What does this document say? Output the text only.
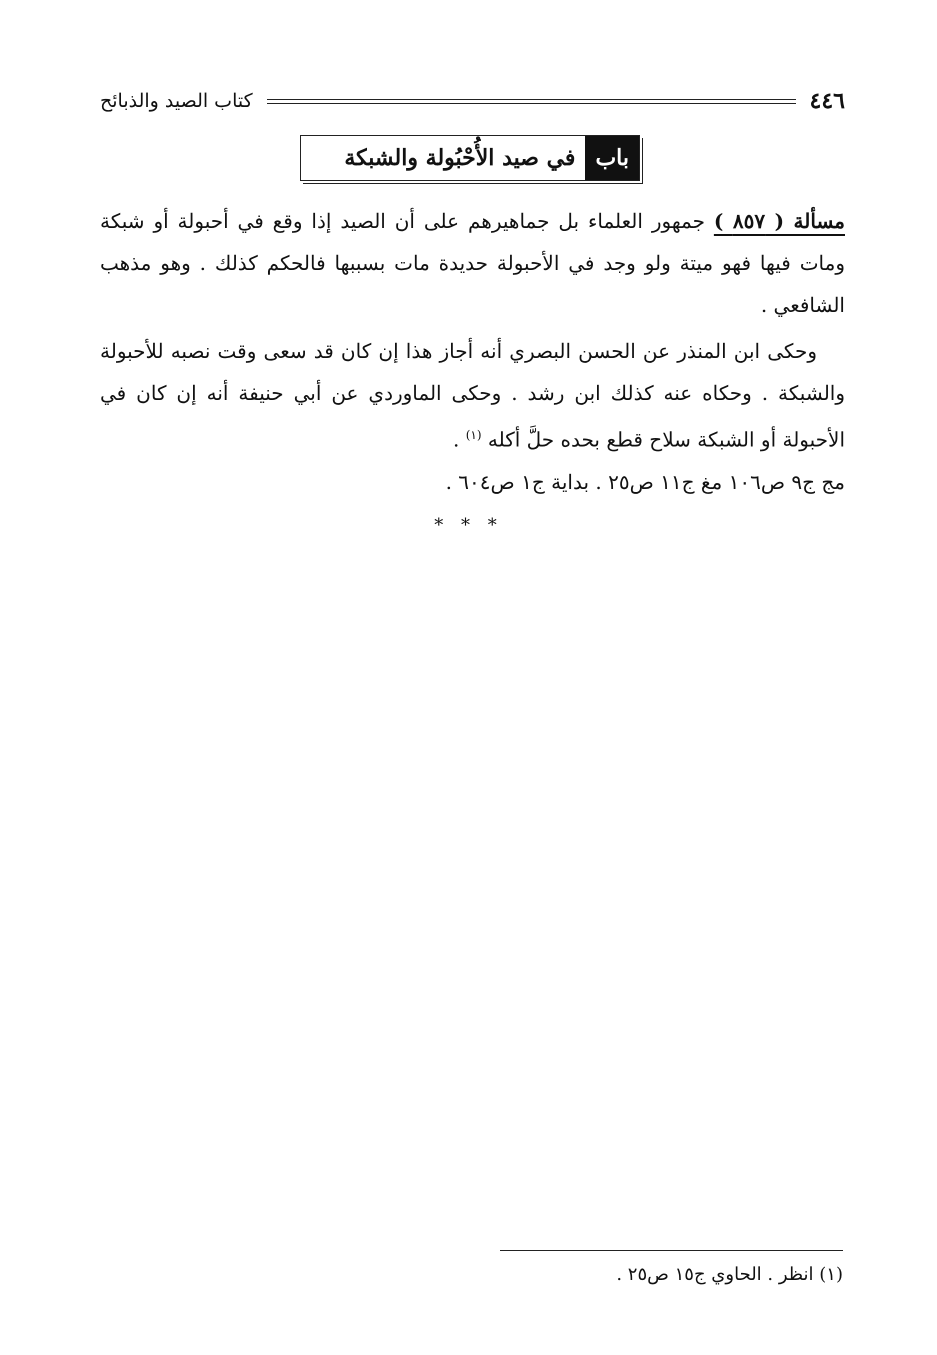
٤٤٦
كتاب الصيد والذبائح
باب
في صيد الأُحْبُولة والشبكة

مسألة ( ٨٥٧ ) جمهور العلماء بل جماهيرهم على أن الصيد إذا وقع في أحبولة أو شبكة ومات فيها فهو ميتة ولو وجد في الأحبولة حديدة مات بسببها فالحكم كذلك . وهو مذهب الشافعي .

وحكى ابن المنذر عن الحسن البصري أنه أجاز هذا إن كان قد سعى وقت نصبه للأحبولة والشبكة . وحكاه عنه كذلك ابن رشد . وحكى الماوردي عن أبي حنيفة أنه إن كان في الأحبولة أو الشبكة سلاح قطع بحده حلَّ أكله $^{(١)}$ .

مج ج٩ ص١٠٦ مغ ج١١ ص٢٥ . بداية ج١ ص٦٠٤ .

* * *
(١) انظر . الحاوي ج١٥ ص٢٥ .
